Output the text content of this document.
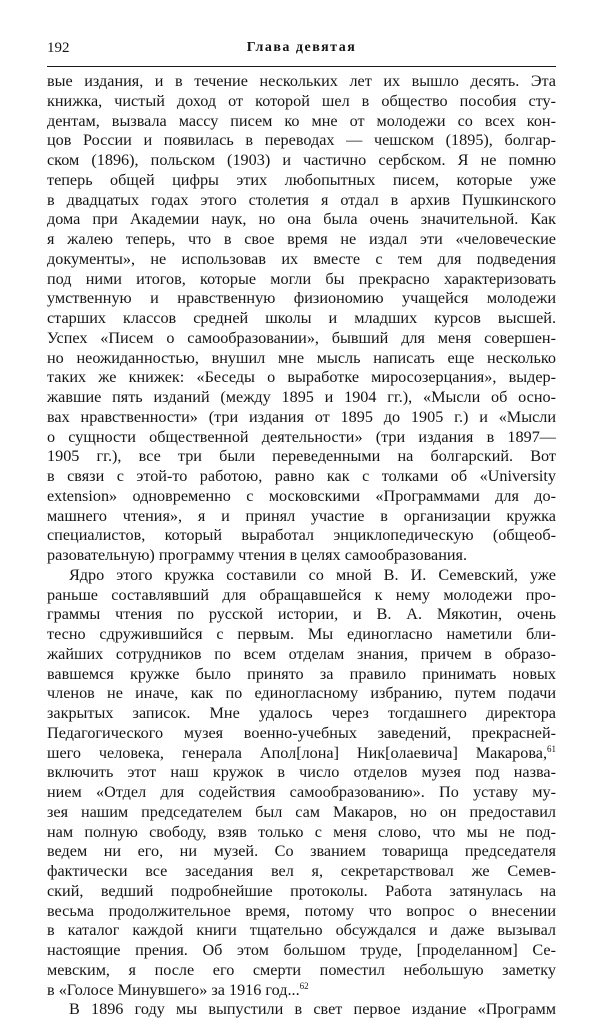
192	Глава девятая
вые издания, и в течение нескольких лет их вышло десять. Эта
книжка, чистый доход от которой шел в общество пособия сту-
дентам, вызвала массу писем ко мне от молодежи со всех кон-
цов России и появилась в переводах — чешском (1895), болгар-
ском (1896), польском (1903) и частично сербском. Я не помню
теперь общей цифры этих любопытных писем, которые уже
в двадцатых годах этого столетия я отдал в архив Пушкинского
дома при Академии наук, но она была очень значительной. Как
я жалею теперь, что в свое время не издал эти «человеческие
документы», не использовав их вместе с тем для подведения
под ними итогов, которые могли бы прекрасно характеризовать
умственную и нравственную физиономию учащейся молодежи
старших классов средней школы и младших курсов высшей.
Успех «Писем о самообразовании», бывший для меня совершен-
но неожиданностью, внушил мне мысль написать еще несколько
таких же книжек: «Беседы о выработке миросозерцания», выдер-
жавшие пять изданий (между 1895 и 1904 гг.), «Мысли об осно-
вах нравственности» (три издания от 1895 до 1905 г.) и «Мысли
о сущности общественной деятельности» (три издания в 1897—
1905 гг.), все три были переведенными на болгарский. Вот
в связи с этой-то работою, равно как с толками об «University
extension» одновременно с московскими «Программами для до-
машнего чтения», я и принял участие в организации кружка
специалистов, который выработал энциклопедическую (общеоб-
разовательную) программу чтения в целях самообразования.
Ядро этого кружка составили со мной В. И. Семевский, уже
раньше составлявший для обращавшейся к нему молодежи про-
граммы чтения по русской истории, и В. А. Мякотин, очень
тесно сдружившийся с первым. Мы единогласно наметили бли-
жайших сотрудников по всем отделам знания, причем в образо-
вавшемся кружке было принято за правило принимать новых
членов не иначе, как по единогласному избранию, путем подачи
закрытых записок. Мне удалось через тогдашнего директора
Педагогического музея военно-учебных заведений, прекрасней-
шего человека, генерала Апол[лона] Ник[олаевича] Макарова,$^{61}$
включить этот наш кружок в число отделов музея под назва-
нием «Отдел для содействия самообразованию». По уставу му-
зея нашим председателем был сам Макаров, но он предоставил
нам полную свободу, взяв только с меня слово, что мы не под-
ведем ни его, ни музей. Со званием товарища председателя
фактически все заседания вел я, секретарствовал же Семев-
ский, ведший подробнейшие протоколы. Работа затянулась на
весьма продолжительное время, потому что вопрос о внесении
в каталог каждой книги тщательно обсуждался и даже вызывал
настоящие прения. Об этом большом труде, [проделанном] Се-
мевским, я после его смерти поместил небольшую заметку
в «Голосе Минувшего» за 1916 год...$^{62}$
В 1896 году мы выпустили в свет первое издание «Программ
